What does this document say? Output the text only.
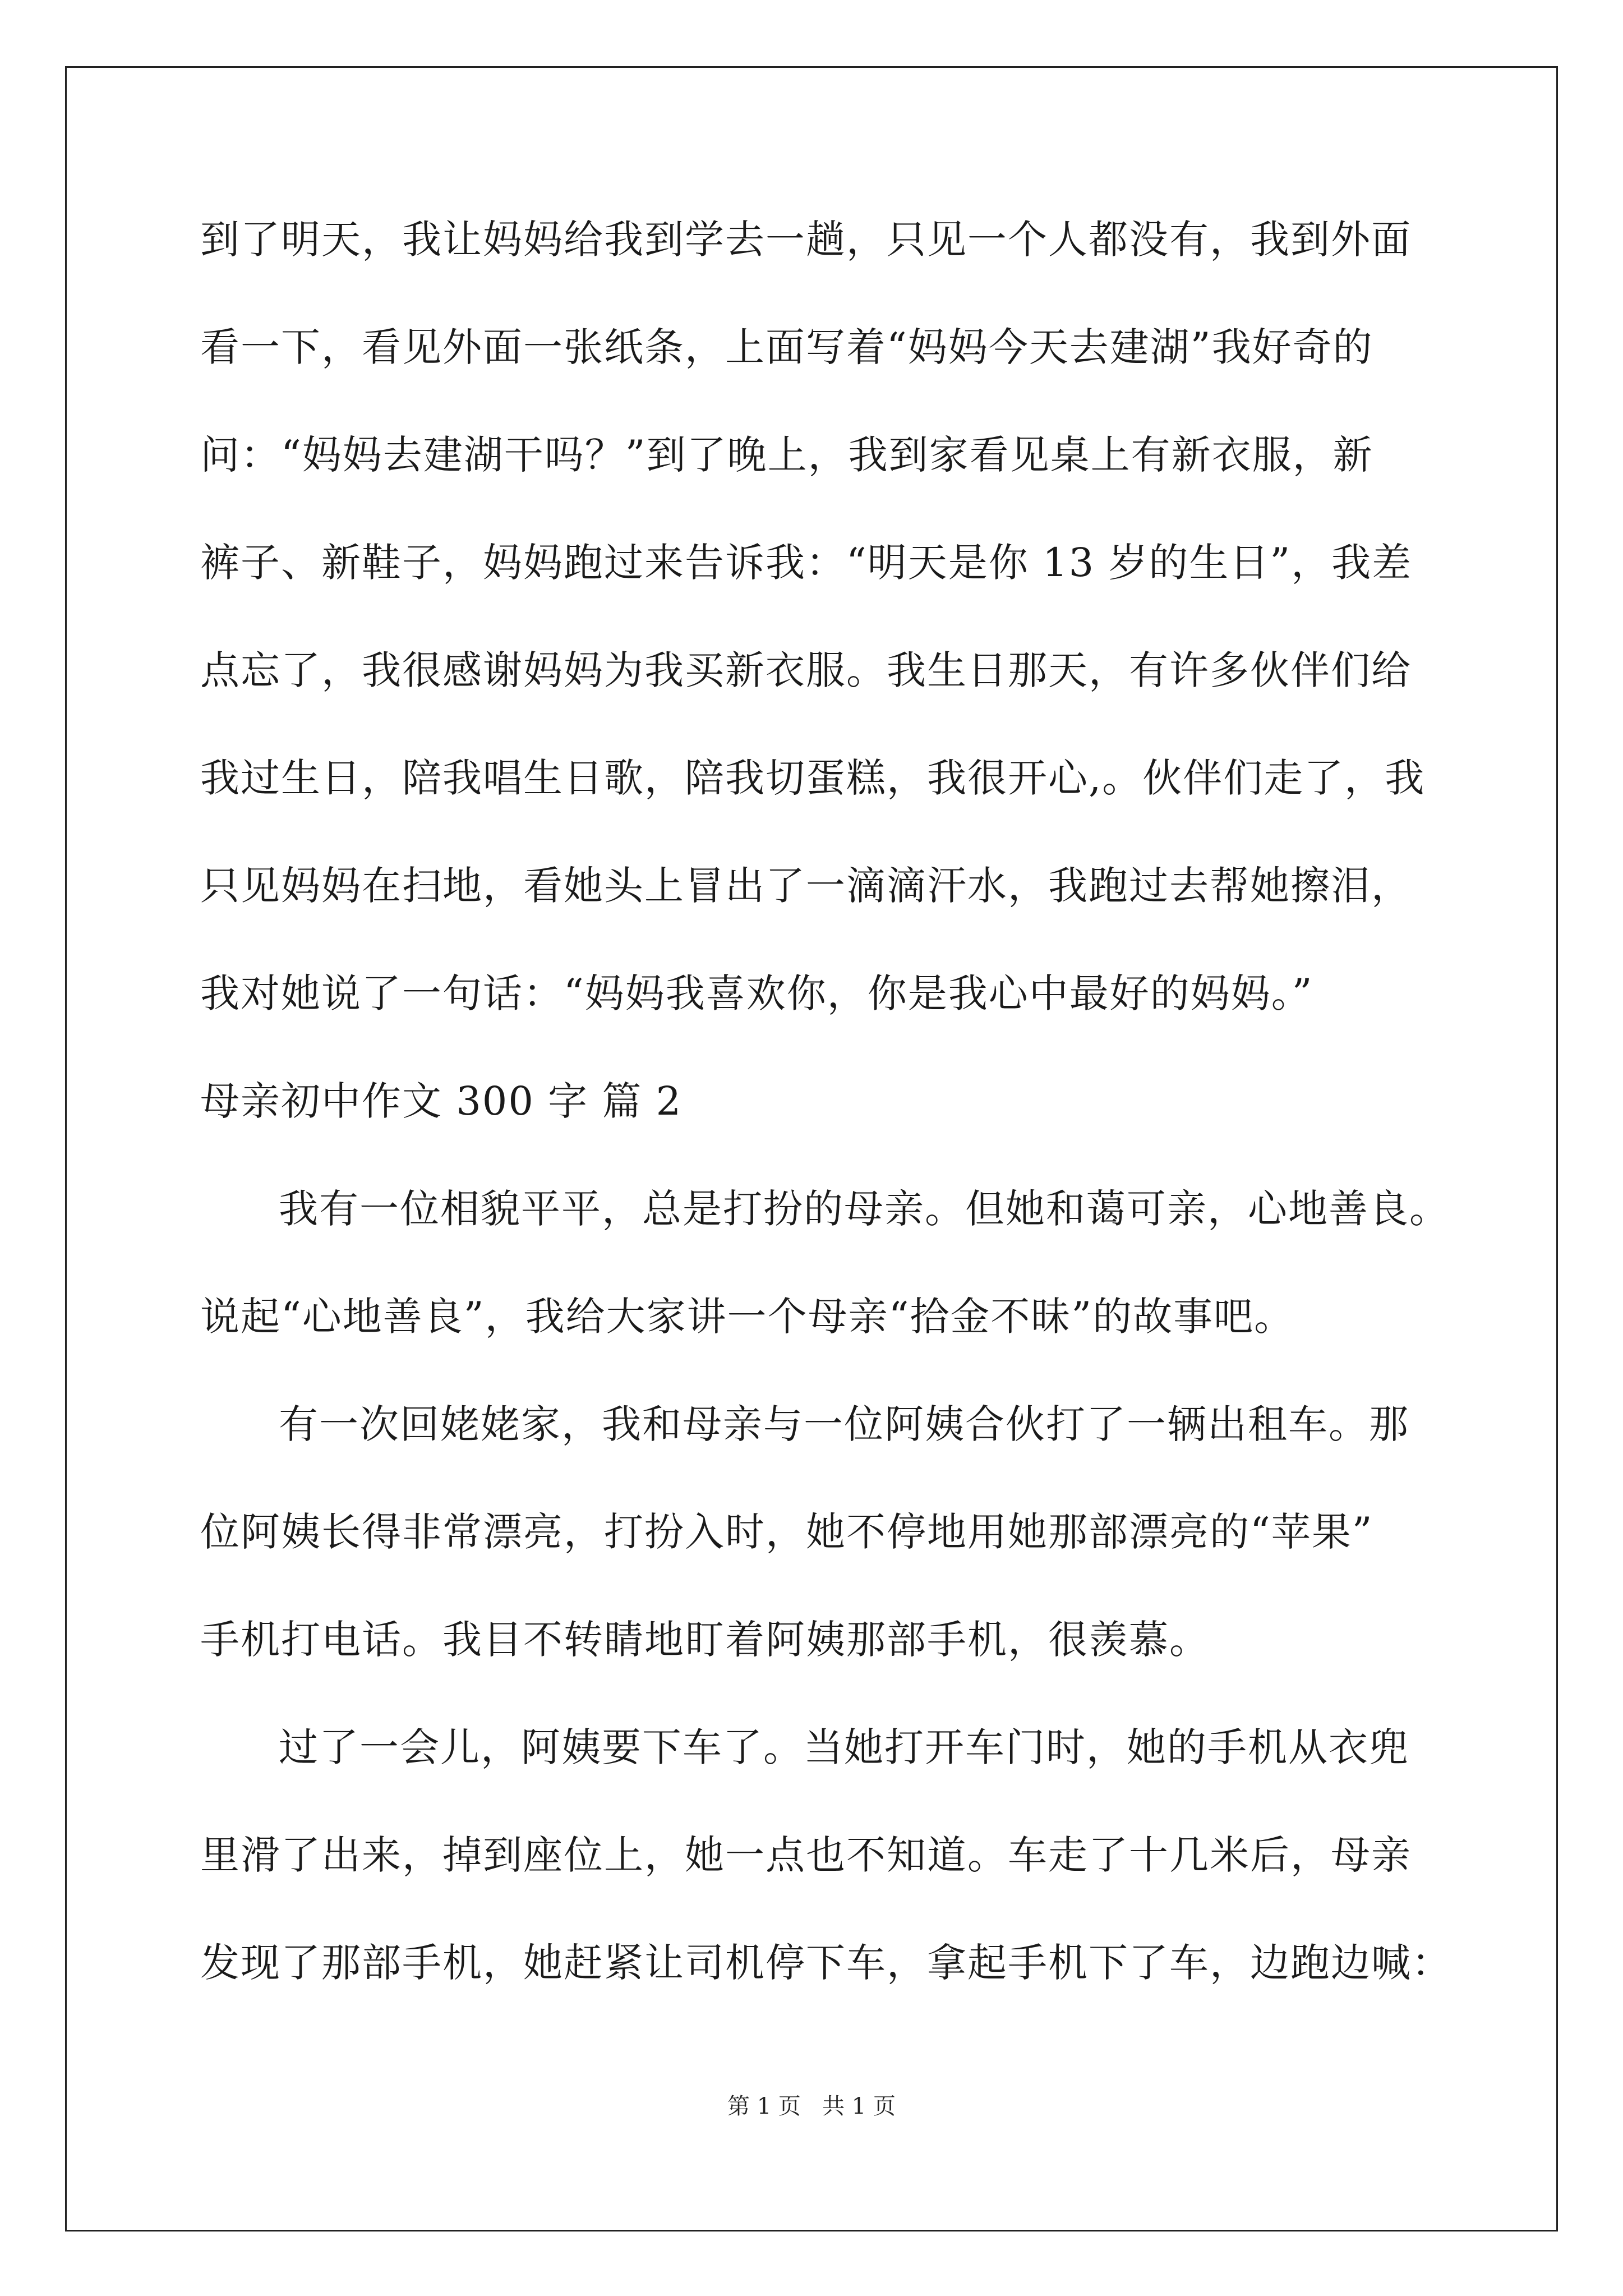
到了明天，我让妈妈给我到学去一趟，只见一个人都没有，我到外面
看一下，看见外面一张纸条，上面写着“妈妈今天去建湖”我好奇的
问：“妈妈去建湖干吗？”到了晚上，我到家看见桌上有新衣服，新
裤子、新鞋子，妈妈跑过来告诉我：“明天是你 13 岁的生日”，我差
点忘了，我很感谢妈妈为我买新衣服。我生日那天，有许多伙伴们给
我过生日，陪我唱生日歌，陪我切蛋糕，我很开心,。伙伴们走了，我
只见妈妈在扫地，看她头上冒出了一滴滴汗水，我跑过去帮她擦泪，
我对她说了一句话：“妈妈我喜欢你，你是我心中最好的妈妈。”
母亲初中作文 300 字 篇 2
我有一位相貌平平，总是打扮的母亲。但她和蔼可亲，心地善良。
说起“心地善良”，我给大家讲一个母亲“拾金不昧”的故事吧。
有一次回姥姥家，我和母亲与一位阿姨合伙打了一辆出租车。那
位阿姨长得非常漂亮，打扮入时，她不停地用她那部漂亮的“苹果”
手机打电话。我目不转睛地盯着阿姨那部手机，很羡慕。
过了一会儿，阿姨要下车了。当她打开车门时，她的手机从衣兜
里滑了出来，掉到座位上，她一点也不知道。车走了十几米后，母亲
发现了那部手机，她赶紧让司机停下车，拿起手机下了车，边跑边喊：
第 1 页   共 1 页
